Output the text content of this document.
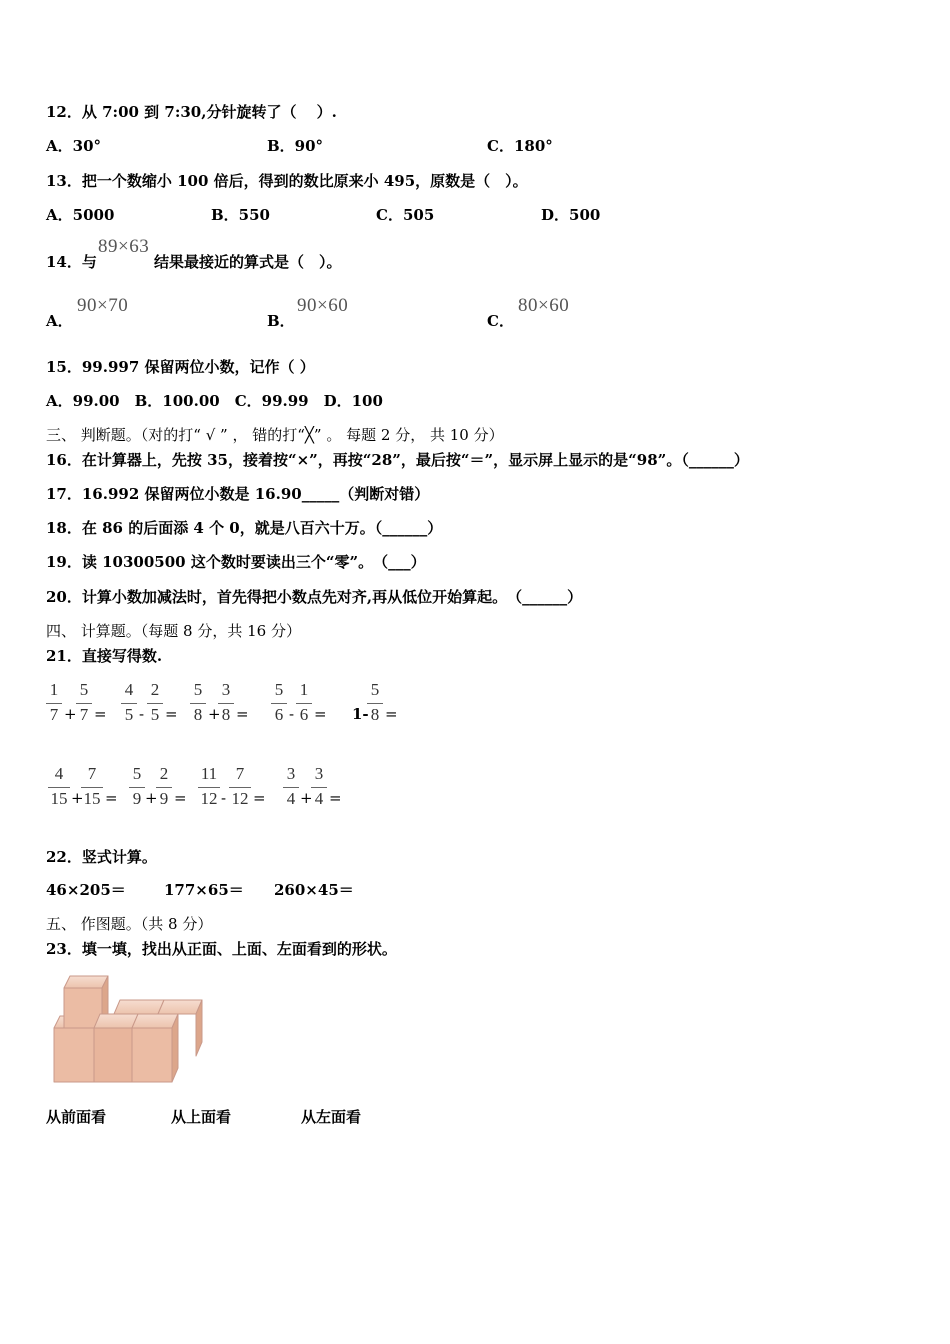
12．从 7:00 到 7:30,分针旋转了（　 ）.
A．30°	B．90°	C．180°
13．把一个数缩小 100 倍后，得到的数比原来小 495，原数是（　）。
A．5000	B．550	C．505	D．500
14．与
89×63
结果最接近的算式是（　）。
A．
90×70
B．
90×60
C．
80×60
15．99.997 保留两位小数，记作（ ）
A．99.00　B．100.00　C．99.99　D．100
三、 判断题。（对的打“ √ ” ， 错的打“╳” 。 每题 2 分， 共 10 分）
16．在计算器上，先按 35，接着按“×”，再按“28”，最后按“＝”，显示屏上显示的是“98”。（______）
17．16.992 保留两位小数是 16.90_____（判断对错）
18．在 86 的后面添 4 个 0，就是八百六十万。（______）
19．读 10300500 这个数时要读出三个“零”。　（___）
20．计算小数加减法时，首先得把小数点先对齐,再从低位开始算起。　（______）
四、 计算题。（每题 8 分，共 16 分）
21．直接写得数.
1
7 +
5
7 =
4
5 -
2
5 =
5
8 +
3
8 =
5
6 -
1
6 = 1-
5
8 =
4
15 +
7
15 =
5
9 +
2
9 =
11
12 -
7
12 =
3
4 +
3
4 =
22．竖式计算。
46×205＝	177×65＝ 260×45＝
五、 作图题。（共 8 分）
23．填一填，找出从正面、上面、左面看到的形状。
从前面看	从上面看	从左面看
